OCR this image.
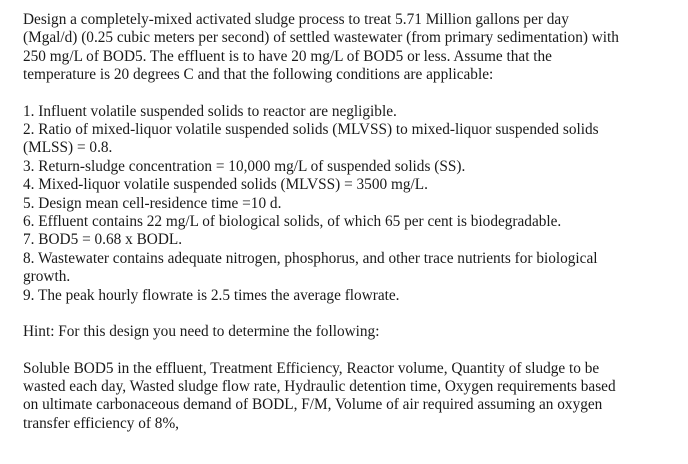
Design a completely-mixed activated sludge process to treat 5.71 Million gallons per day
(Mgal/d) (0.25 cubic meters per second) of settled wastewater (from primary sedimentation) with
250 mg/L of BOD5. The effluent is to have 20 mg/L of BOD5 or less. Assume that the
temperature is 20 degrees C and that the following conditions are applicable:

1. Influent volatile suspended solids to reactor are negligible.
2. Ratio of mixed-liquor volatile suspended solids (MLVSS) to mixed-liquor suspended solids
(MLSS) = 0.8.
3. Return-sludge concentration = 10,000 mg/L of suspended solids (SS).
4. Mixed-liquor volatile suspended solids (MLVSS) = 3500 mg/L.
5. Design mean cell-residence time =10 d.
6. Effluent contains 22 mg/L of biological solids, of which 65 per cent is biodegradable.
7. BOD5 = 0.68 x BODL.
8. Wastewater contains adequate nitrogen, phosphorus, and other trace nutrients for biological
growth.
9. The peak hourly flowrate is 2.5 times the average flowrate.

Hint: For this design you need to determine the following:

Soluble BOD5 in the effluent, Treatment Efficiency, Reactor volume, Quantity of sludge to be
wasted each day, Wasted sludge flow rate, Hydraulic detention time, Oxygen requirements based
on ultimate carbonaceous demand of BODL, F/M, Volume of air required assuming an oxygen
transfer efficiency of 8%,
